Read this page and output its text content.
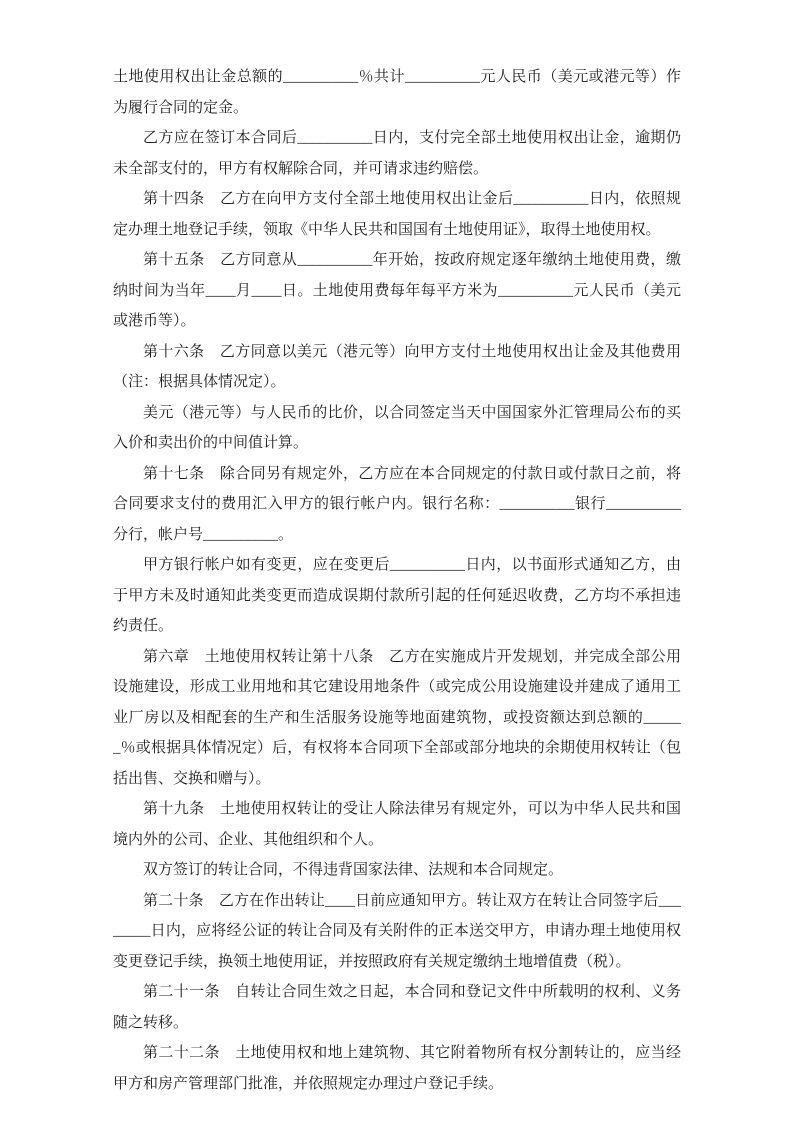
土地使用权出让金总额的__________％共计__________元人民币（美元或港元等）作为履行合同的定金。

乙方应在签订本合同后__________日内，支付完全部土地使用权出让金，逾期仍未全部支付的，甲方有权解除合同，并可请求违约赔偿。

第十四条　乙方在向甲方支付全部土地使用权出让金后__________日内，依照规定办理土地登记手续，领取《中华人民共和国国有土地使用证》，取得土地使用权。

第十五条　乙方同意从__________年开始，按政府规定逐年缴纳土地使用费，缴纳时间为当年____月____日。土地使用费每年每平方米为__________元人民币（美元或港币等）。

第十六条　乙方同意以美元（港元等）向甲方支付土地使用权出让金及其他费用（注：根据具体情况定）。

美元（港元等）与人民币的比价，以合同签定当天中国国家外汇管理局公布的买入价和卖出价的中间值计算。

第十七条　除合同另有规定外，乙方应在本合同规定的付款日或付款日之前，将合同要求支付的费用汇入甲方的银行帐户内。银行名称：__________银行__________分行，帐户号__________。

甲方银行帐户如有变更，应在变更后__________日内，以书面形式通知乙方，由于甲方未及时通知此类变更而造成误期付款所引起的任何延迟收费，乙方均不承担违约责任。

第六章　土地使用权转让第十八条　乙方在实施成片开发规划，并完成全部公用设施建设，形成工业用地和其它建设用地条件（或完成公用设施建设并建成了通用工业厂房以及相配套的生产和生活服务设施等地面建筑物，或投资额达到总额的______％或根据具体情况定）后，有权将本合同项下全部或部分地块的余期使用权转让（包括出售、交换和赠与）。

第十九条　土地使用权转让的受让人除法律另有规定外，可以为中华人民共和国境内外的公司、企业、其他组织和个人。

双方签订的转让合同，不得违背国家法律、法规和本合同规定。

第二十条　乙方在作出转让____日前应通知甲方。转让双方在转让合同签字后________日内，应将经公证的转让合同及有关附件的正本送交甲方，申请办理土地使用权变更登记手续，换领土地使用证，并按照政府有关规定缴纳土地增值费（税）。

第二十一条　自转让合同生效之日起，本合同和登记文件中所载明的权利、义务随之转移。

第二十二条　土地使用权和地上建筑物、其它附着物所有权分割转让的，应当经甲方和房产管理部门批准，并依照规定办理过户登记手续。
